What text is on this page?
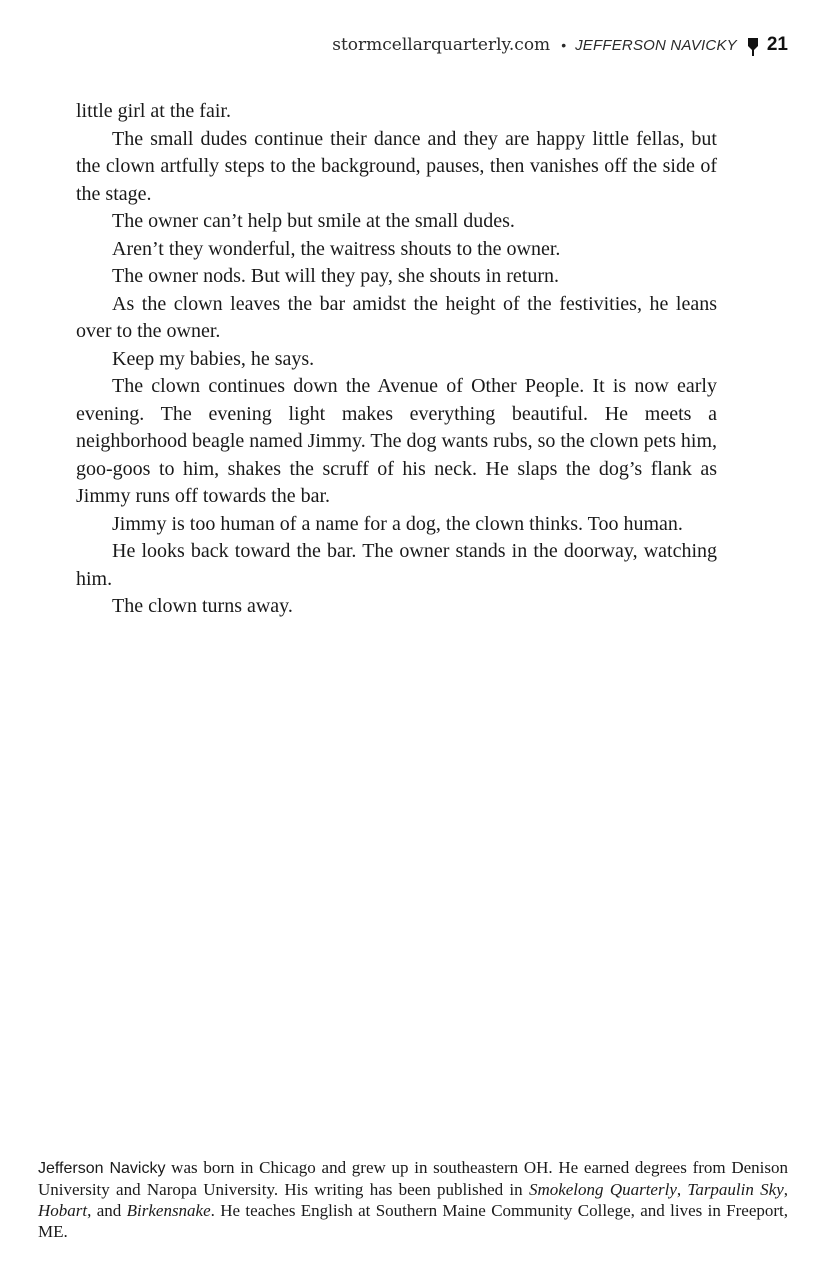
stormcellarquarterly.com • JEFFERSON NAVICKY 21

little girl at the fair.

The small dudes continue their dance and they are happy little fellas, but the clown artfully steps to the background, pauses, then vanishes off the side of the stage.

The owner can’t help but smile at the small dudes.

Aren’t they wonderful, the waitress shouts to the owner.

The owner nods. But will they pay, she shouts in return.

As the clown leaves the bar amidst the height of the festivities, he leans over to the owner.

Keep my babies, he says.

The clown continues down the Avenue of Other People. It is now early evening. The evening light makes everything beautiful. He meets a neighborhood beagle named Jimmy. The dog wants rubs, so the clown pets him, goo-goos to him, shakes the scruff of his neck. He slaps the dog’s flank as Jimmy runs off towards the bar.

Jimmy is too human of a name for a dog, the clown thinks. Too human.

He looks back toward the bar. The owner stands in the doorway, watching him.

The clown turns away.

Jefferson Navicky was born in Chicago and grew up in southeastern OH. He earned degrees from Denison University and Naropa University. His writing has been published in Smokelong Quarterly, Tarpaulin Sky, Hobart, and Birkensnake. He teaches English at Southern Maine Community College, and lives in Freeport, ME.
